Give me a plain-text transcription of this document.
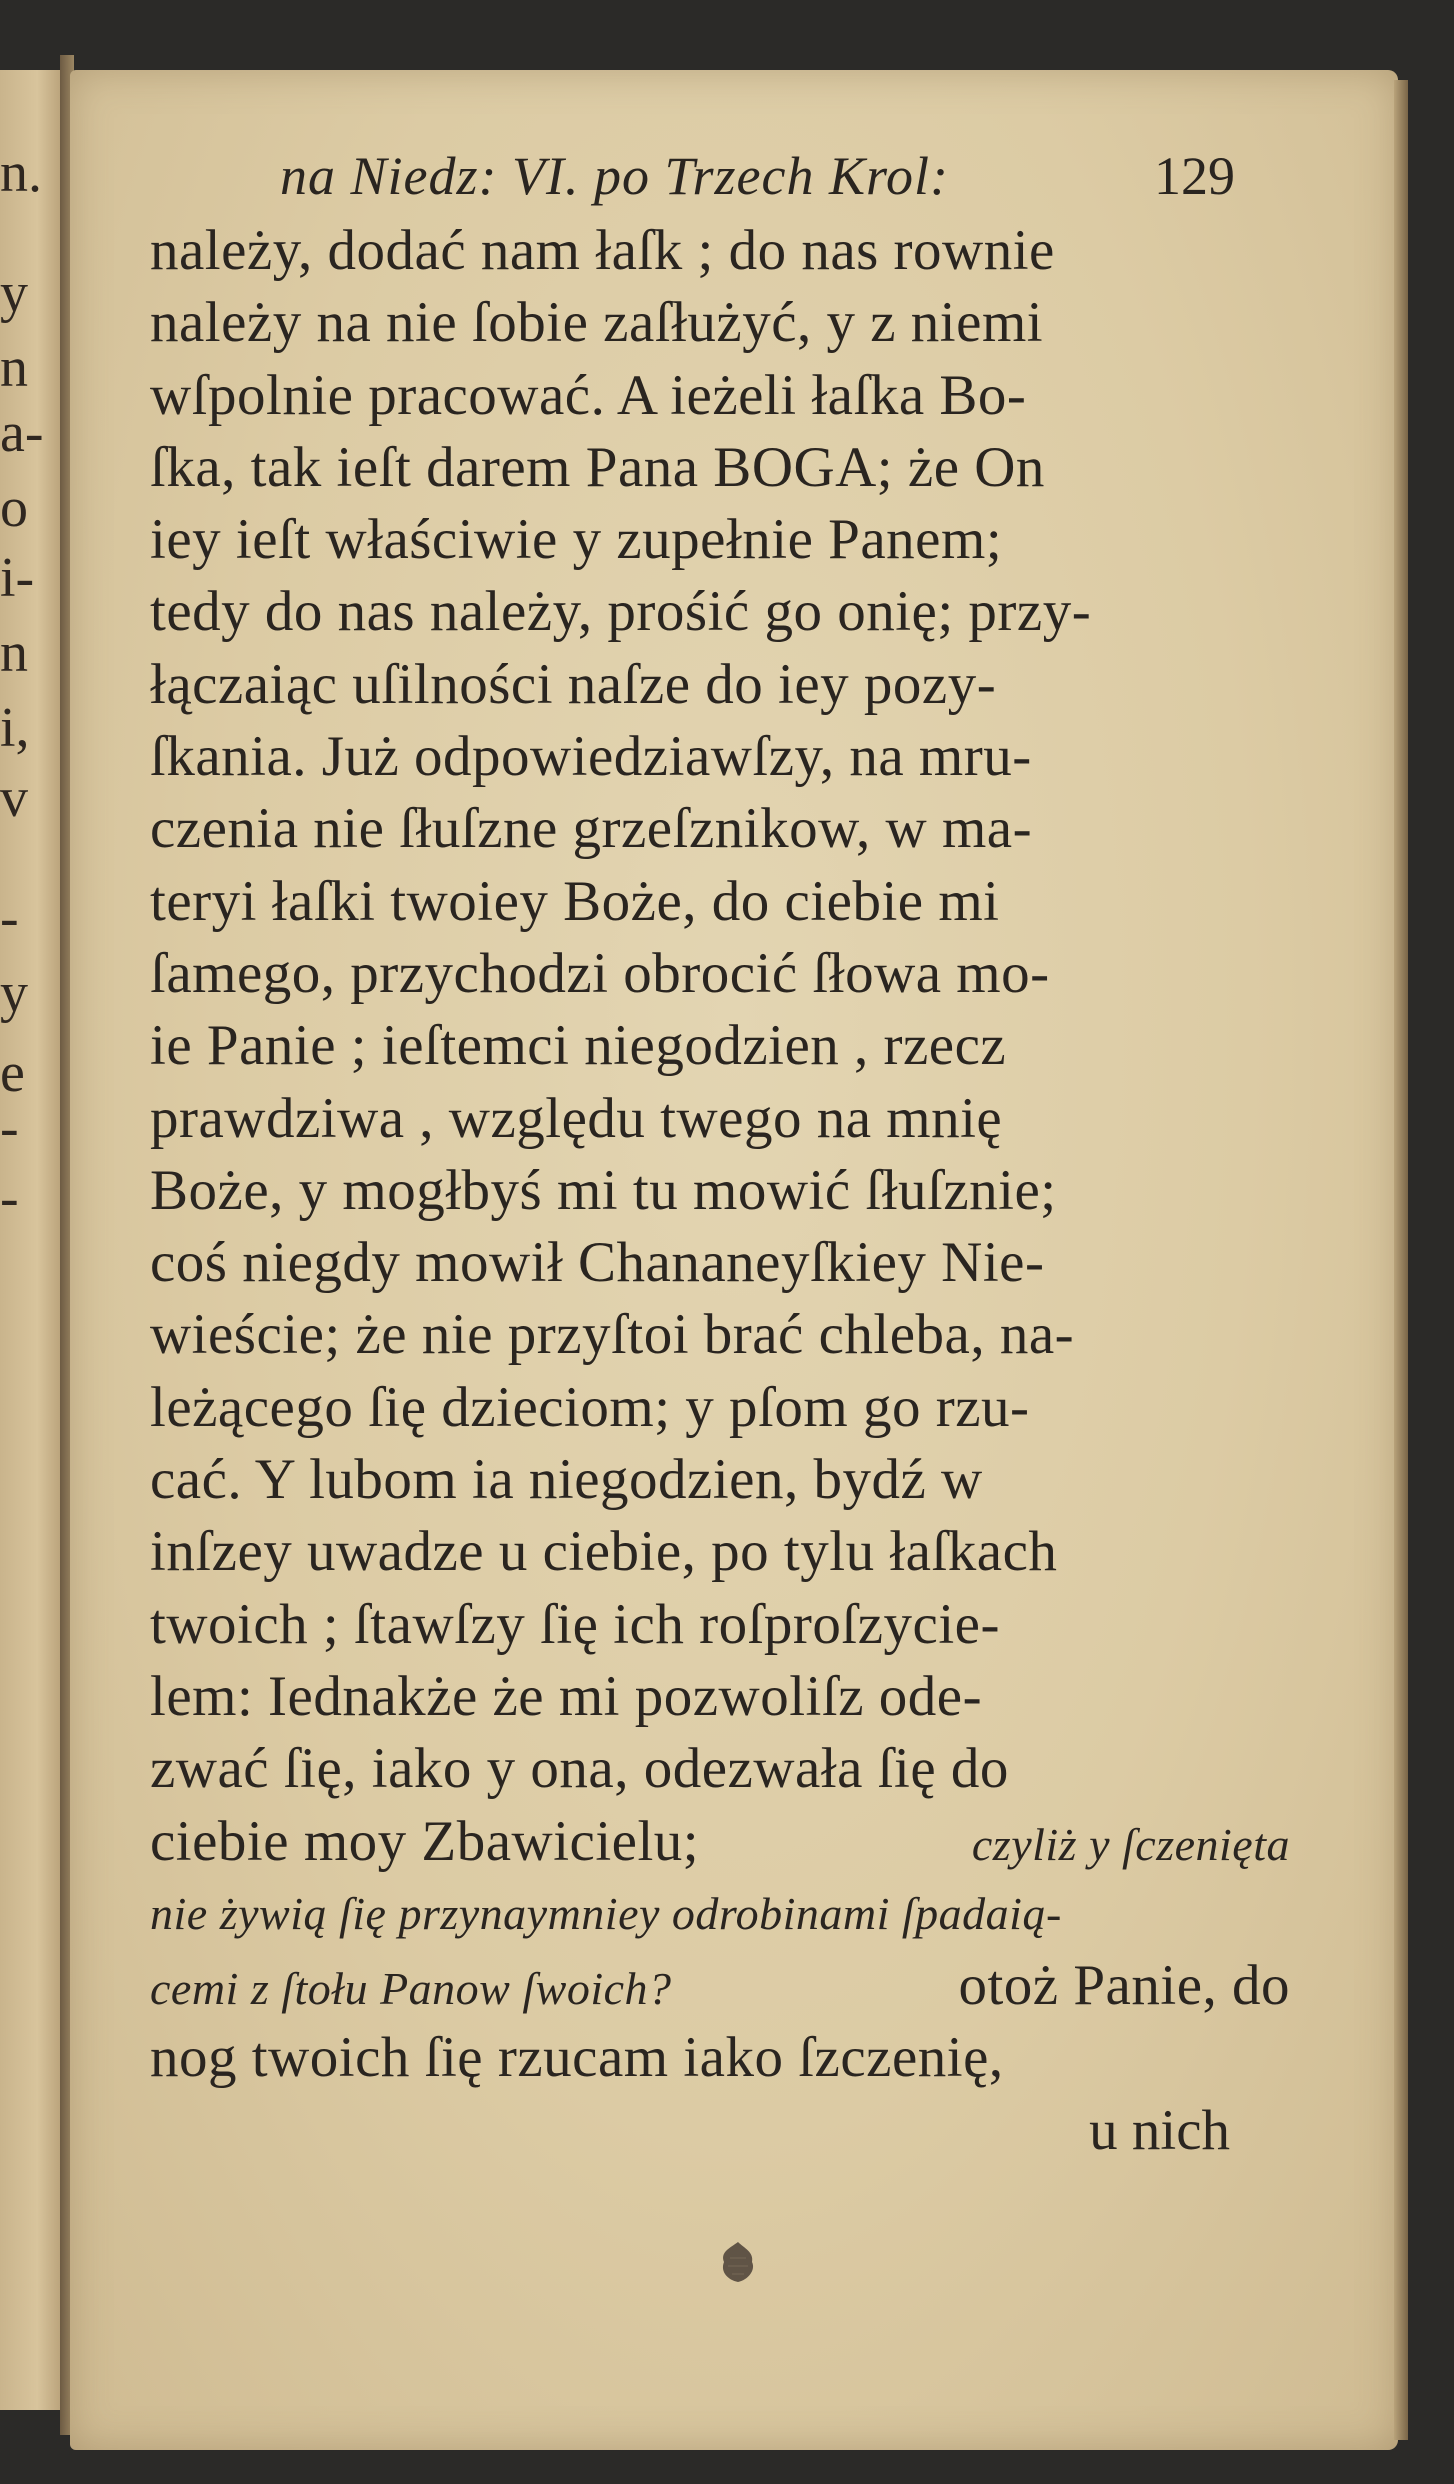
n.
y
n
a-
o
i-
n
i,
v
-
y
e
-
-
na Niedz: VI. po Trzech Krol:	129
należy, dodać nam łaſk ; do nas rownie
należy na nie ſobie zaſłużyć, y z niemi
wſpolnie pracować. A ieżeli łaſka Bo-
ſka, tak ieſt darem Pana BOGA; że On
iey ieſt właściwie y zupełnie Panem;
tedy do nas należy, prośić go onię; przy-
łączaiąc uſilności naſze do iey pozy-
ſkania. Już odpowiedziawſzy, na mru-
czenia nie ſłuſzne grzeſznikow, w ma-
teryi łaſki twoiey Boże, do ciebie mi
ſamego, przychodzi obrocić ſłowa mo-
ie Panie ; ieſtemci niegodzien , rzecz
prawdziwa , względu twego na mnię
Boże, y mogłbyś mi tu mowić ſłuſznie;
coś niegdy mowił Chananeyſkiey Nie-
wieście; że nie przyſtoi brać chleba, na-
leżącego ſię dzieciom; y pſom go rzu-
cać. Y lubom ia niegodzien, bydź w
inſzey uwadze u ciebie, po tylu łaſkach
twoich ; ſtawſzy ſię ich roſproſzycie-
lem: Iednakże że mi pozwoliſz ode-
zwać ſię, iako y ona, odezwała ſię do
ciebie moy Zbawicielu;	czyliż y ſczenięta
nie żywią ſię przynaymniey odrobinami ſpadaią-
cemi z ſtołu Panow ſwoich?	otoż Panie, do
nog twoich ſię rzucam iako ſzczenię,
u nich
